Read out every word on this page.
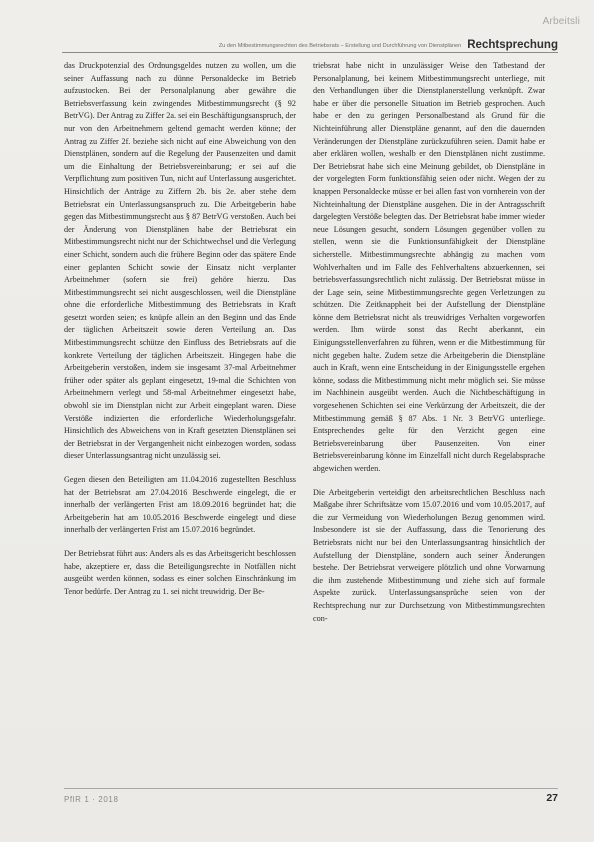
Arbeitsli
Zu den Mitbestimmungsrechten des Betriebsrats – Erstellung und Durchführung von Dienstplänen Rechtsprechung

das Druckpotenzial des Ordnungsgeldes nutzen zu wollen, um die seiner Auffassung nach zu dünne Personaldecke im Betrieb aufzustocken. Bei der Personalplanung aber gewähre die Betriebsverfassung kein zwingendes Mitbestimmungsrecht (§ 92 BetrVG). Der Antrag zu Ziffer 2a. sei ein Beschäftigungsanspruch, der nur von den Arbeitnehmern geltend gemacht werden könne; der Antrag zu Ziffer 2f. beziehe sich nicht auf eine Abweichung von den Dienstplänen, sondern auf die Regelung der Pausenzeiten und damit um die Einhaltung der Betriebsvereinbarung; er sei auf die Verpflichtung zum positiven Tun, nicht auf Unterlassung ausgerichtet. Hinsichtlich der Anträge zu Ziffern 2b. bis 2e. aber stehe dem Betriebsrat ein Unterlassungsanspruch zu. Die Arbeitgeberin habe gegen das Mitbestimmungsrecht aus § 87 BetrVG verstoßen. Auch bei der Änderung von Dienstplänen habe der Betriebsrat ein Mitbestimmungsrecht nicht nur der Schichtwechsel und die Verlegung einer Schicht, sondern auch die frühere Beginn oder das spätere Ende einer geplanten Schicht sowie der Einsatz nicht verplanter Arbeitnehmer (sofern sie frei) gehöre hierzu. Das Mitbestimmungsrecht sei nicht ausgeschlossen, weil die Dienstpläne ohne die erforderliche Mitbestimmung des Betriebsrats in Kraft gesetzt worden seien; es knüpfe allein an den Beginn und das Ende der täglichen Arbeitszeit sowie deren Verteilung an. Das Mitbestimmungsrecht schütze den Einfluss des Betriebsrats auf die konkrete Verteilung der täglichen Arbeitszeit. Hingegen habe die Arbeitgeberin verstoßen, indem sie insgesamt 37-mal Arbeitnehmer früher oder später als geplant eingesetzt, 19-mal die Schichten von Arbeitnehmern verlegt und 58-mal Arbeitnehmer eingesetzt habe, obwohl sie im Dienstplan nicht zur Arbeit eingeplant waren. Diese Verstöße indizierten die erforderliche Wiederholungsgefahr. Hinsichtlich des Abweichens von in Kraft gesetzten Dienstplänen sei der Betriebsrat in der Vergangenheit nicht einbezogen worden, sodass dieser Unterlassungsantrag nicht unzulässig sei.

Gegen diesen den Beteiligten am 11.04.2016 zugestellten Beschluss hat der Betriebsrat am 27.04.2016 Beschwerde eingelegt, die er innerhalb der verlängerten Frist am 18.09.2016 begründet hat; die Arbeitgeberin hat am 10.05.2016 Beschwerde eingelegt und diese innerhalb der verlängerten Frist am 15.07.2016 begründet.

Der Betriebsrat führt aus: Anders als es das Arbeitsgericht beschlossen habe, akzeptiere er, dass die Beteiligungsrechte in Notfällen nicht ausgeübt werden können, sodass es einer solchen Einschränkung im Tenor bedürfe. Der Antrag zu 1. sei nicht treuwidrig. Der Be-

triebsrat habe nicht in unzulässiger Weise den Tatbestand der Personalplanung, bei keinem Mitbestimmungsrecht unterliege, mit den Verhandlungen über die Dienstplanerstellung verknüpft. Zwar habe er über die personelle Situation im Betrieb gesprochen. Auch habe er den zu geringen Personalbestand als Grund für die Nichteinführung aller Dienstpläne genannt, auf den die dauernden Veränderungen der Dienstpläne zurückzuführen seien. Damit habe er aber erklären wollen, weshalb er den Dienstplänen nicht zustimme. Der Betriebsrat habe sich eine Meinung gebildet, ob Dienstpläne in der vorgelegten Form funktionsfähig seien oder nicht. Wegen der zu knappen Personaldecke müsse er bei allen fast von vornherein von der Nichteinhaltung der Dienstpläne ausgehen. Die in der Antragsschrift dargelegten Verstöße belegten das. Der Betriebsrat habe immer wieder neue Lösungen gesucht, sondern Lösungen gegenüber vollen zu stellen, wenn sie die Funktionsunfähigkeit der Dienstpläne sicherstelle. Mitbestimmungsrechte abhängig zu machen vom Wohlverhalten und im Falle des Fehlverhaltens abzuerkennen, sei betriebsverfassungsrechtlich nicht zulässig. Der Betriebsrat müsse in der Lage sein, seine Mitbestimmungsrechte gegen Verletzungen zu schützen. Die Zeitknappheit bei der Aufstellung der Dienstpläne könne dem Betriebsrat nicht als treuwidriges Verhalten vorgeworfen werden. Ihm würde sonst das Recht aberkannt, ein Einigungsstellenverfahren zu führen, wenn er die Mitbestimmung für nicht gegeben halte. Zudem setze die Arbeitgeberin die Dienstpläne auch in Kraft, wenn eine Entscheidung in der Einigungsstelle ergehen könne, sodass die Mitbestimmung nicht mehr möglich sei. Sie müsse im Nachhinein ausgeübt werden. Auch die Nichtbeschäftigung in vorgesehenen Schichten sei eine Verkürzung der Arbeitszeit, die der Mitbestimmung gemäß § 87 Abs. 1 Nr. 3 BetrVG unterliege. Entsprechendes gelte für den Verzicht gegen eine Betriebsvereinbarung über Pausenzeiten. Von einer Betriebsvereinbarung könne im Einzelfall nicht durch Regelabsprache abgewichen werden.

Die Arbeitgeberin verteidigt den arbeitsrechtlichen Beschluss nach Maßgabe ihrer Schriftsätze vom 15.07.2016 und vom 10.05.2017, auf die zur Vermeidung von Wiederholungen Bezug genommen wird. Insbesondere ist sie der Auffassung, dass die Tenorierung des Betriebsrats nicht nur bei den Unterlassungsantrag hinsichtlich der Aufstellung der Dienstpläne, sondern auch seiner Änderungen bestehe. Der Betriebsrat verweigere plötzlich und ohne Vorwarnung die ihm zustehende Mitbestimmung und ziehe sich auf formale Aspekte zurück. Unterlassungsansprüche seien von der Rechtsprechung nur zur Durchsetzung von Mitbestimmungsrechten con-

PflR 1 · 2018	27
